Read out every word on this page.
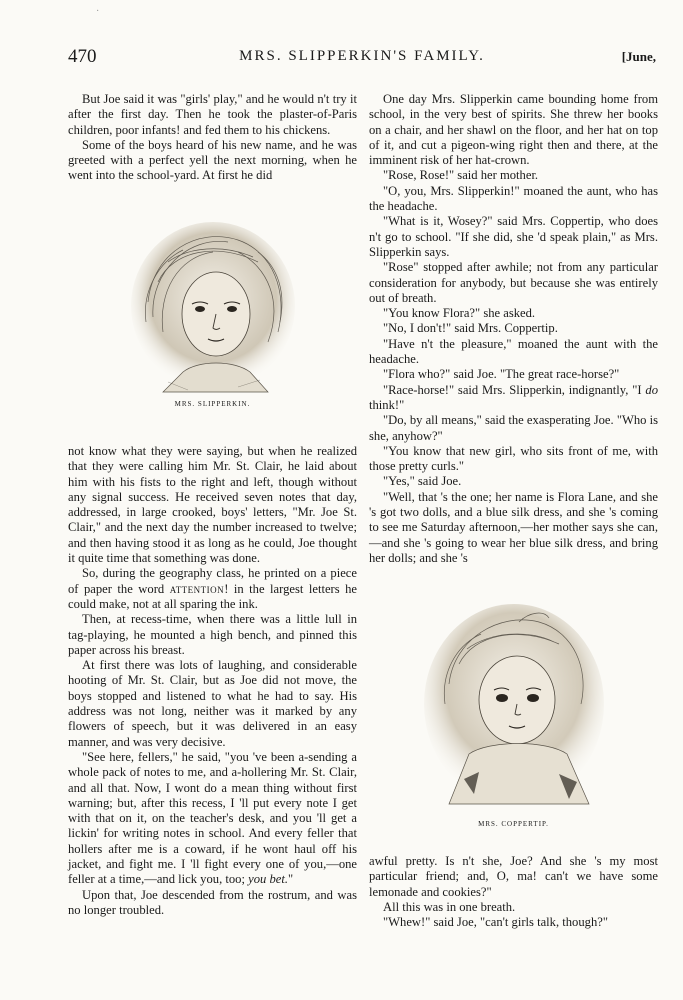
·
470	MRS. SLIPPERKIN'S FAMILY.	[June,

But Joe said it was "girls' play," and he would n't try it after the first day. Then he took the plaster-of-Paris children, poor infants! and fed them to his chickens.

Some of the boys heard of his new name, and he was greeted with a perfect yell the next morning, when he went into the school-yard. At first he did

MRS. SLIPPERKIN.

not know what they were saying, but when he realized that they were calling him Mr. St. Clair, he laid about him with his fists to the right and left, though without any signal success. He received seven notes that day, addressed, in large crooked, boys' letters, "Mr. Joe St. Clair," and the next day the number increased to twelve; and then having stood it as long as he could, Joe thought it quite time that something was done.

So, during the geography class, he printed on a piece of paper the word attention! in the largest letters he could make, not at all sparing the ink.

Then, at recess-time, when there was a little lull in tag-playing, he mounted a high bench, and pinned this paper across his breast.

At first there was lots of laughing, and considerable hooting of Mr. St. Clair, but as Joe did not move, the boys stopped and listened to what he had to say. His address was not long, neither was it marked by any flowers of speech, but it was delivered in an easy manner, and was very decisive.

"See here, fellers," he said, "you 've been a-sending a whole pack of notes to me, and a-hollering Mr. St. Clair, and all that. Now, I wont do a mean thing without first warning; but, after this recess, I 'll put every note I get with that on it, on the teacher's desk, and you 'll get a lickin' for writing notes in school. And every feller that hollers after me is a coward, if he wont haul off his jacket, and fight me. I 'll fight every one of you,—one feller at a time,—and lick you, too; you bet."

Upon that, Joe descended from the rostrum, and was no longer troubled.

One day Mrs. Slipperkin came bounding home from school, in the very best of spirits. She threw her books on a chair, and her shawl on the floor, and her hat on top of it, and cut a pigeon-wing right then and there, at the imminent risk of her hat-crown.

"Rose, Rose!" said her mother.

"O, you, Mrs. Slipperkin!" moaned the aunt, who has the headache.

"What is it, Wosey?" said Mrs. Coppertip, who does n't go to school. "If she did, she 'd speak plain," as Mrs. Slipperkin says.

"Rose" stopped after awhile; not from any particular consideration for anybody, but because she was entirely out of breath.

"You know Flora?" she asked.

"No, I don't!" said Mrs. Coppertip.

"Have n't the pleasure," moaned the aunt with the headache.

"Flora who?" said Joe. "The great race-horse?"

"Race-horse!" said Mrs. Slipperkin, indignantly, "I do think!"

"Do, by all means," said the exasperating Joe. "Who is she, anyhow?"

"You know that new girl, who sits front of me, with those pretty curls."

"Yes," said Joe.

"Well, that 's the one; her name is Flora Lane, and she 's got two dolls, and a blue silk dress, and she 's coming to see me Saturday afternoon,—her mother says she can,—and she 's going to wear her blue silk dress, and bring her dolls; and she 's

MRS. COPPERTIP.

awful pretty. Is n't she, Joe? And she 's my most particular friend; and, O, ma! can't we have some lemonade and cookies?"

All this was in one breath.

"Whew!" said Joe, "can't girls talk, though?"
